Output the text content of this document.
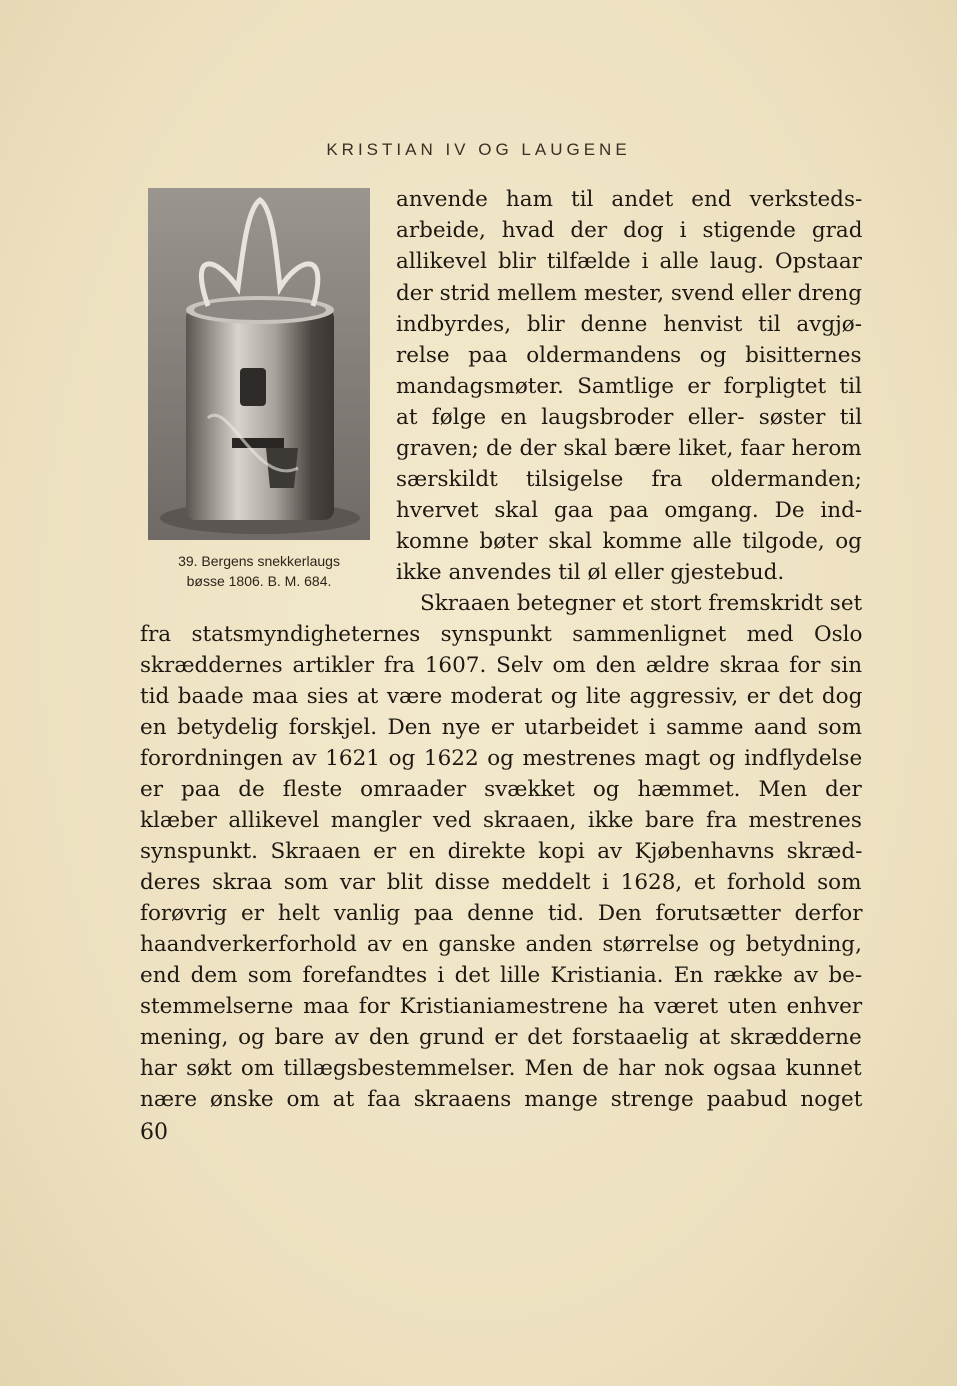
KRISTIAN IV OG LAUGENE
39. Bergens snekkerlaugs
bøsse 1806. B. M. 684.
anvende ham til andet end verksteds-
arbeide, hvad der dog i stigende grad
allikevel blir tilfælde i alle laug. Opstaar
der strid mellem mester, svend eller dreng
indbyrdes, blir denne henvist til avgjø-
relse paa oldermandens og bisitternes
mandagsmøter. Samtlige er forpligtet til
at følge en laugsbroder eller- søster til
graven; de der skal bære liket, faar herom
særskildt tilsigelse fra oldermanden;
hvervet skal gaa paa omgang. De ind-
komne bøter skal komme alle tilgode, og
ikke anvendes til øl eller gjestebud.
Skraaen betegner et stort fremskridt set
fra statsmyndigheternes synspunkt sammenlignet med Oslo
skræddernes artikler fra 1607. Selv om den ældre skraa for sin
tid baade maa sies at være moderat og lite aggressiv, er det dog
en betydelig forskjel. Den nye er utarbeidet i samme aand som
forordningen av 1621 og 1622 og mestrenes magt og indflydelse
er paa de fleste omraader svækket og hæmmet. Men der
klæber allikevel mangler ved skraaen, ikke bare fra mestrenes
synspunkt. Skraaen er en direkte kopi av Kjøbenhavns skræd-
deres skraa som var blit disse meddelt i 1628, et forhold som
forøvrig er helt vanlig paa denne tid. Den forutsætter derfor
haandverkerforhold av en ganske anden størrelse og betydning,
end dem som forefandtes i det lille Kristiania. En række av be-
stemmelserne maa for Kristianiamestrene ha været uten enhver
mening, og bare av den grund er det forstaaelig at skrædderne
har søkt om tillægsbestemmelser. Men de har nok ogsaa kunnet
nære ønske om at faa skraaens mange strenge paabud noget
60
